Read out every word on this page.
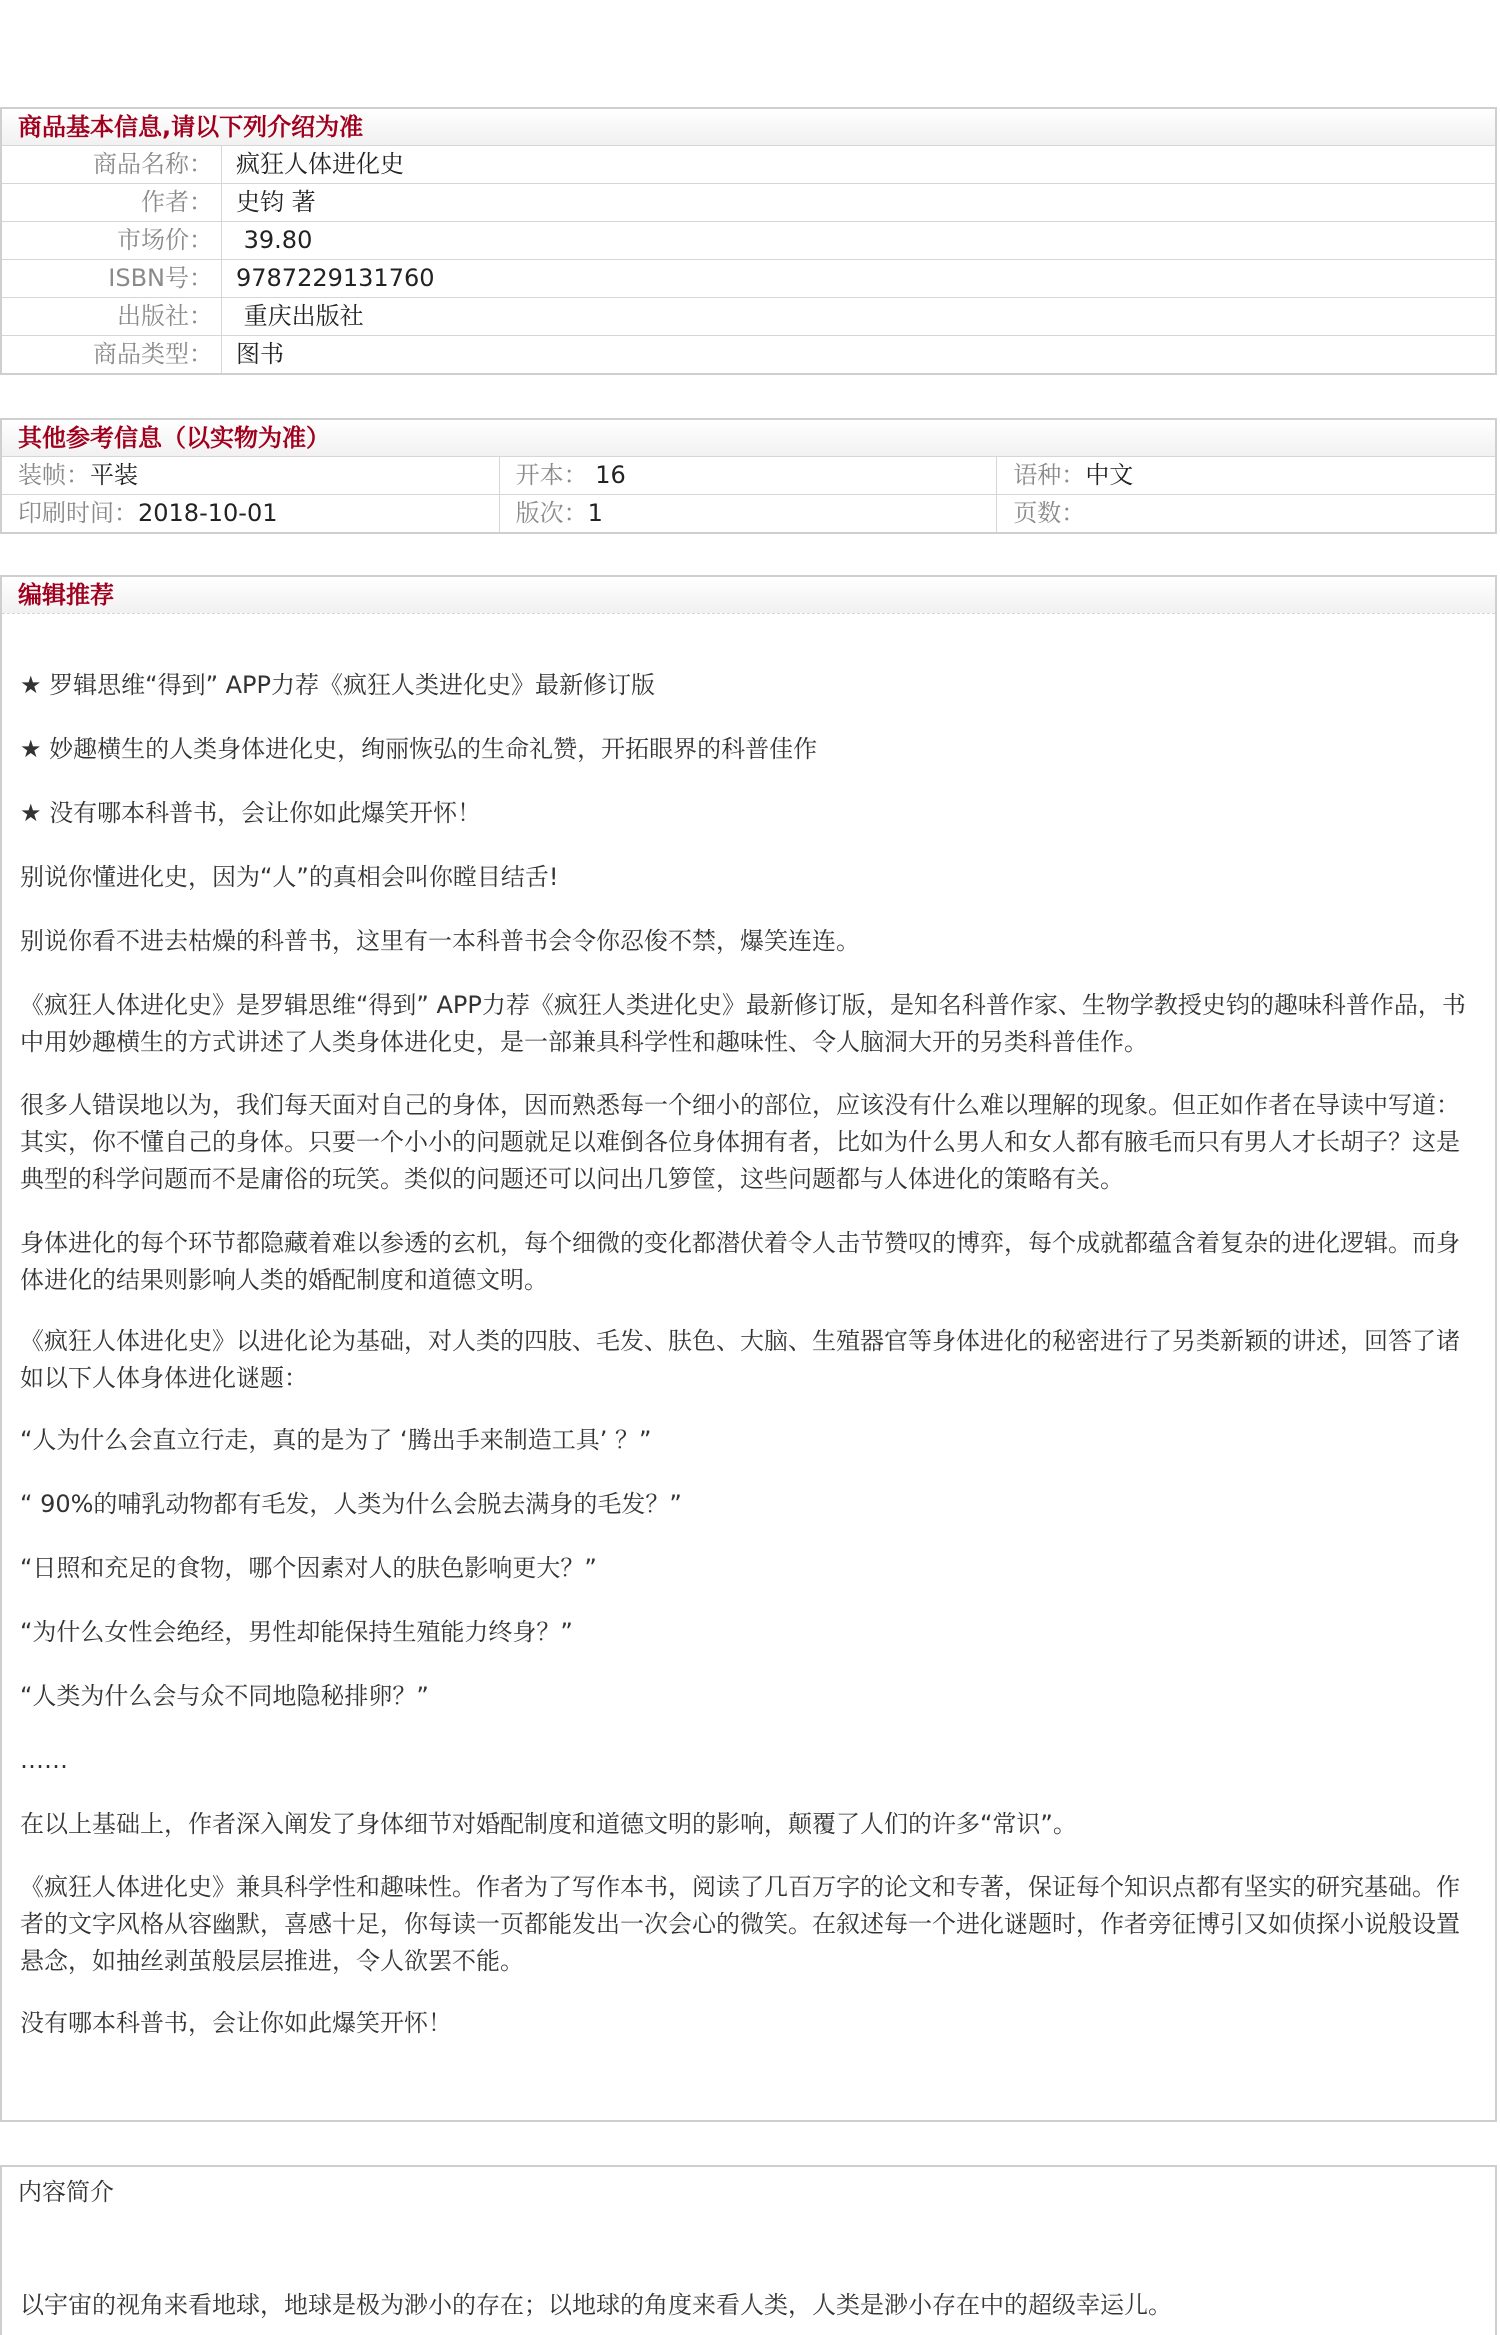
商品基本信息,请以下列介绍为准
商品名称： 疯狂人体进化史
作者： 史钧 著
市场价： 39.80
ISBN号： 9787229131760
出版社： 重庆出版社
商品类型： 图书
其他参考信息（以实物为准）
装帧：平装	开本： 16	语种：中文
印刷时间：2018-10-01	版次：1	页数：
编辑推荐

★ 罗辑思维“得到” APP力荐《疯狂人类进化史》最新修订版

★ 妙趣横生的人类身体进化史，绚丽恢弘的生命礼赞，开拓眼界的科普佳作

★ 没有哪本科普书，会让你如此爆笑开怀！

别说你懂进化史，因为“人”的真相会叫你瞠目结舌!

别说你看不进去枯燥的科普书，这里有一本科普书会令你忍俊不禁，爆笑连连。

《疯狂人体进化史》是罗辑思维“得到” APP力荐《疯狂人类进化史》最新修订版，是知名科普作家、生物学教授史钧的趣味科普作品，书中用妙趣横生的方式讲述了人类身体进化史，是一部兼具科学性和趣味性、令人脑洞大开的另类科普佳作。

很多人错误地以为，我们每天面对自己的身体，因而熟悉每一个细小的部位，应该没有什么难以理解的现象。但正如作者在导读中写道：其实，你不懂自己的身体。只要一个小小的问题就足以难倒各位身体拥有者，比如为什么男人和女人都有腋毛而只有男人才长胡子？这是典型的科学问题而不是庸俗的玩笑。类似的问题还可以问出几箩筐，这些问题都与人体进化的策略有关。

身体进化的每个环节都隐藏着难以参透的玄机，每个细微的变化都潜伏着令人击节赞叹的博弈，每个成就都蕴含着复杂的进化逻辑。而身体进化的结果则影响人类的婚配制度和道德文明。

《疯狂人体进化史》以进化论为基础，对人类的四肢、毛发、肤色、大脑、生殖器官等身体进化的秘密进行了另类新颖的讲述，回答了诸如以下人体身体进化谜题：

“人为什么会直立行走，真的是为了 ‘腾出手来制造工具’ ？”

“ 90%的哺乳动物都有毛发，人类为什么会脱去满身的毛发？”

“日照和充足的食物，哪个因素对人的肤色影响更大？”

“为什么女性会绝经，男性却能保持生殖能力终身？”

“人类为什么会与众不同地隐秘排卵？”

……

在以上基础上，作者深入阐发了身体细节对婚配制度和道德文明的影响，颠覆了人们的许多“常识”。

《疯狂人体进化史》兼具科学性和趣味性。作者为了写作本书，阅读了几百万字的论文和专著，保证每个知识点都有坚实的研究基础。作者的文字风格从容幽默，喜感十足，你每读一页都能发出一次会心的微笑。在叙述每一个进化谜题时，作者旁征博引又如侦探小说般设置悬念，如抽丝剥茧般层层推进，令人欲罢不能。

没有哪本科普书，会让你如此爆笑开怀！

内容简介

以宇宙的视角来看地球，地球是极为渺小的存在；以地球的角度来看人类，人类是渺小存在中的超级幸运儿。
